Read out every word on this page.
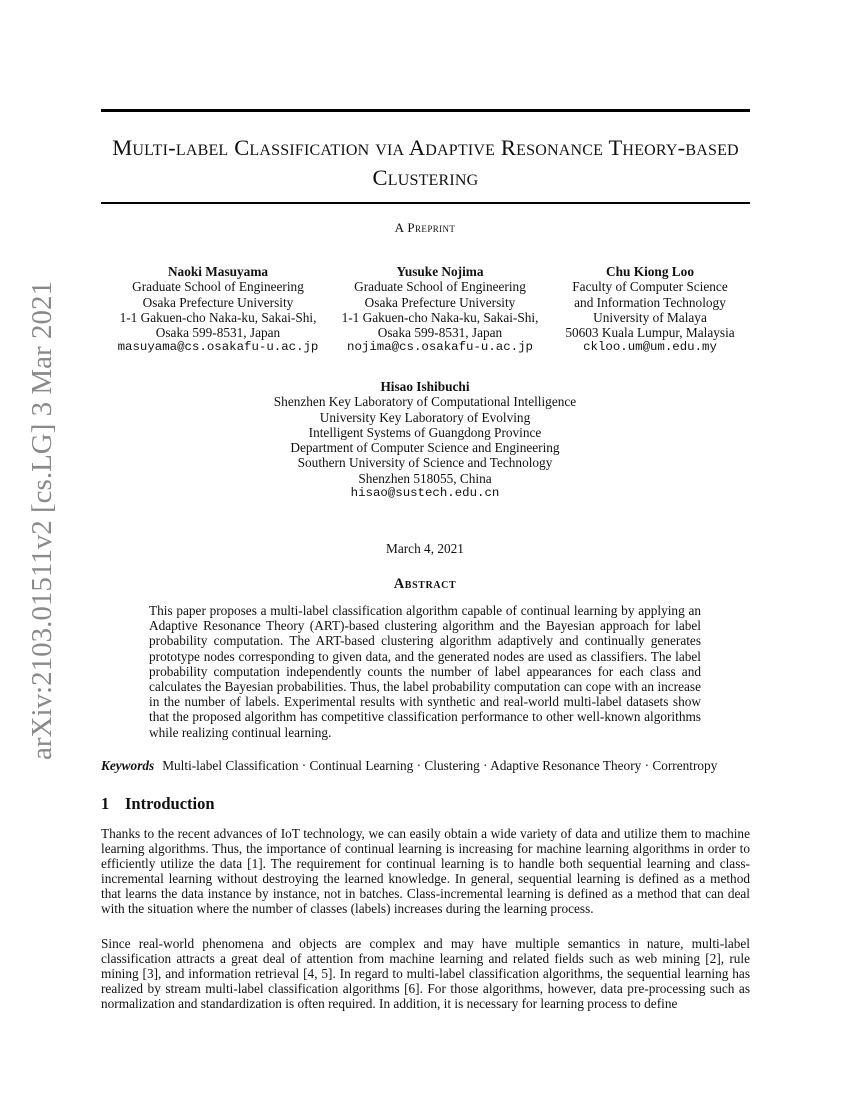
arXiv:2103.01511v2 [cs.LG] 3 Mar 2021
Multi-label Classification via Adaptive Resonance Theory-based Clustering
A Preprint
Naoki Masuyama
Graduate School of Engineering
Osaka Prefecture University
1-1 Gakuen-cho Naka-ku, Sakai-Shi,
Osaka 599-8531, Japan
masuyama@cs.osakafu-u.ac.jp
Yusuke Nojima
Graduate School of Engineering
Osaka Prefecture University
1-1 Gakuen-cho Naka-ku, Sakai-Shi,
Osaka 599-8531, Japan
nojima@cs.osakafu-u.ac.jp
Chu Kiong Loo
Faculty of Computer Science
and Information Technology
University of Malaya
50603 Kuala Lumpur, Malaysia
ckloo.um@um.edu.my
Hisao Ishibuchi
Shenzhen Key Laboratory of Computational Intelligence
University Key Laboratory of Evolving
Intelligent Systems of Guangdong Province
Department of Computer Science and Engineering
Southern University of Science and Technology
Shenzhen 518055, China
hisao@sustech.edu.cn
March 4, 2021
Abstract
This paper proposes a multi-label classification algorithm capable of continual learning by applying an Adaptive Resonance Theory (ART)-based clustering algorithm and the Bayesian approach for label probability computation. The ART-based clustering algorithm adaptively and continually generates prototype nodes corresponding to given data, and the generated nodes are used as classifiers. The label probability computation independently counts the number of label appearances for each class and calculates the Bayesian probabilities. Thus, the label probability computation can cope with an increase in the number of labels. Experimental results with synthetic and real-world multi-label datasets show that the proposed algorithm has competitive classification performance to other well-known algorithms while realizing continual learning.
Keywords Multi-label Classification · Continual Learning · Clustering · Adaptive Resonance Theory · Correntropy
1 Introduction
Thanks to the recent advances of IoT technology, we can easily obtain a wide variety of data and utilize them to machine learning algorithms. Thus, the importance of continual learning is increasing for machine learning algorithms in order to efficiently utilize the data [1]. The requirement for continual learning is to handle both sequential learning and class-incremental learning without destroying the learned knowledge. In general, sequential learning is defined as a method that learns the data instance by instance, not in batches. Class-incremental learning is defined as a method that can deal with the situation where the number of classes (labels) increases during the learning process.
Since real-world phenomena and objects are complex and may have multiple semantics in nature, multi-label classification attracts a great deal of attention from machine learning and related fields such as web mining [2], rule mining [3], and information retrieval [4, 5]. In regard to multi-label classification algorithms, the sequential learning has realized by stream multi-label classification algorithms [6]. For those algorithms, however, data pre-processing such as normalization and standardization is often required. In addition, it is necessary for learning process to define
